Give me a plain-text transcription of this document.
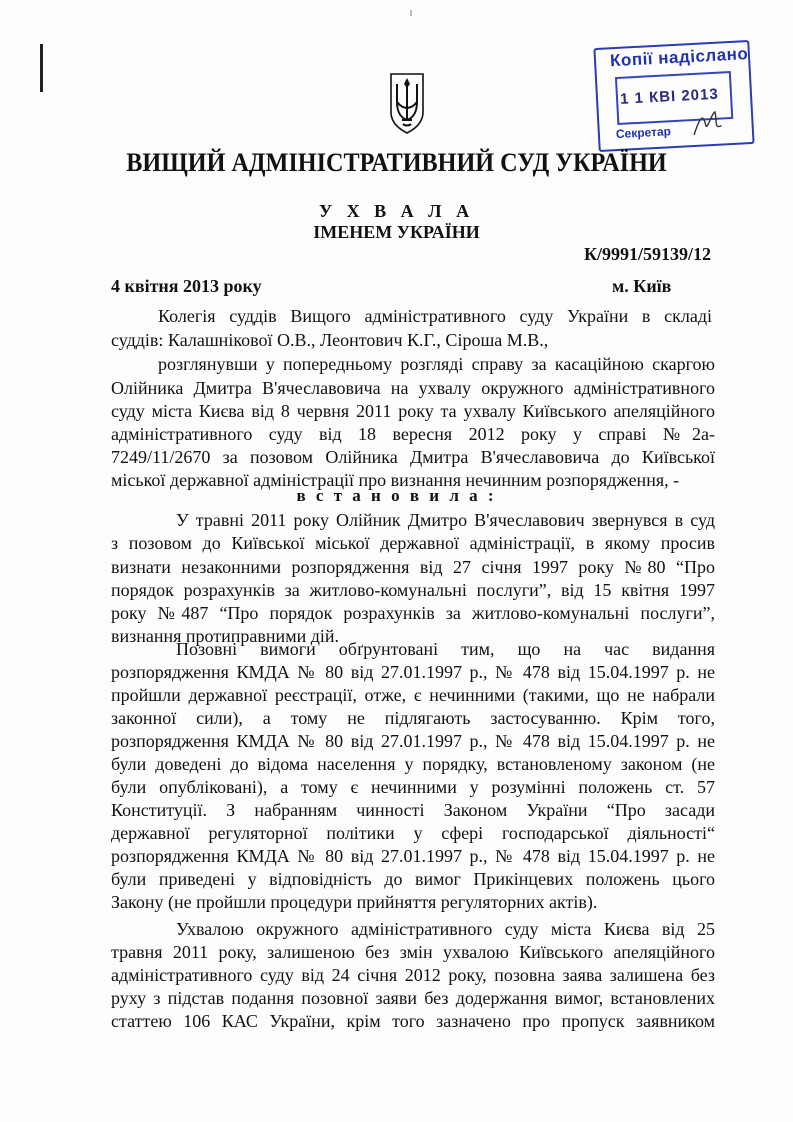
Копії надіслано
1 1 КВІ 2013
Секретар
ВИЩИЙ АДМІНІСТРАТИВНИЙ СУД УКРАЇНИ
У Х В А Л А
ІМЕНЕМ УКРАЇНИ
К/9991/59139/12
4 квітня 2013 року	м. Київ
Колегія суддів Вищого адміністративного суду України в складі
суддів: Калашнікової О.В., Леонтович К.Г., Сіроша М.В.,
розглянувши у попередньому розгляді справу за касаційною скаргою
Олійника Дмитра В'ячеславовича на ухвалу окружного адміністративного
суду міста Києва від 8 червня 2011 року та ухвалу Київського апеляційного
адміністративного суду від 18 вересня 2012 року у справі №2а-
7249/11/2670 за позовом Олійника Дмитра В'ячеславовича до Київської
міської державної адміністрації про визнання нечинним розпорядження, -
в с т а н о в и л а :
У травні 2011 року Олійник Дмитро В'ячеславович звернувся в суд
з позовом до Київської міської державної адміністрації, в якому просив
визнати незаконними розпорядження від 27 січня 1997 року №80 “Про
порядок розрахунків за житлово-комунальні послуги”, від 15 квітня 1997
року №487 “Про порядок розрахунків за житлово-комунальні послуги”,
визнання протиправними дій.
Позовні вимоги обґрунтовані тим, що на час видання
розпорядження КМДА № 80 від 27.01.1997 р., № 478 від 15.04.1997 р. не
пройшли державної реєстрації, отже, є нечинними (такими, що не набрали
законної сили), а тому не підлягають застосуванню. Крім того,
розпорядження КМДА № 80 від 27.01.1997 р., № 478 від 15.04.1997 р. не
були доведені до відома населення у порядку, встановленому законом (не
були опубліковані), а тому є нечинними у розумінні положень ст. 57
Конституції. З набранням чинності Законом України “Про засади
державної регуляторної політики у сфері господарської діяльності“
розпорядження КМДА № 80 від 27.01.1997 р., № 478 від 15.04.1997 р. не
були приведені у відповідність до вимог Прикінцевих положень цього
Закону (не пройшли процедури прийняття регуляторних актів).
Ухвалою окружного адміністративного суду міста Києва від 25
травня 2011 року, залишеною без змін ухвалою Київського апеляційного
адміністративного суду від 24 січня 2012 року, позовна заява залишена без
руху з підстав подання позовної заяви без додержання вимог, встановлених
статтею 106 КАС України, крім того зазначено про пропуск заявником
